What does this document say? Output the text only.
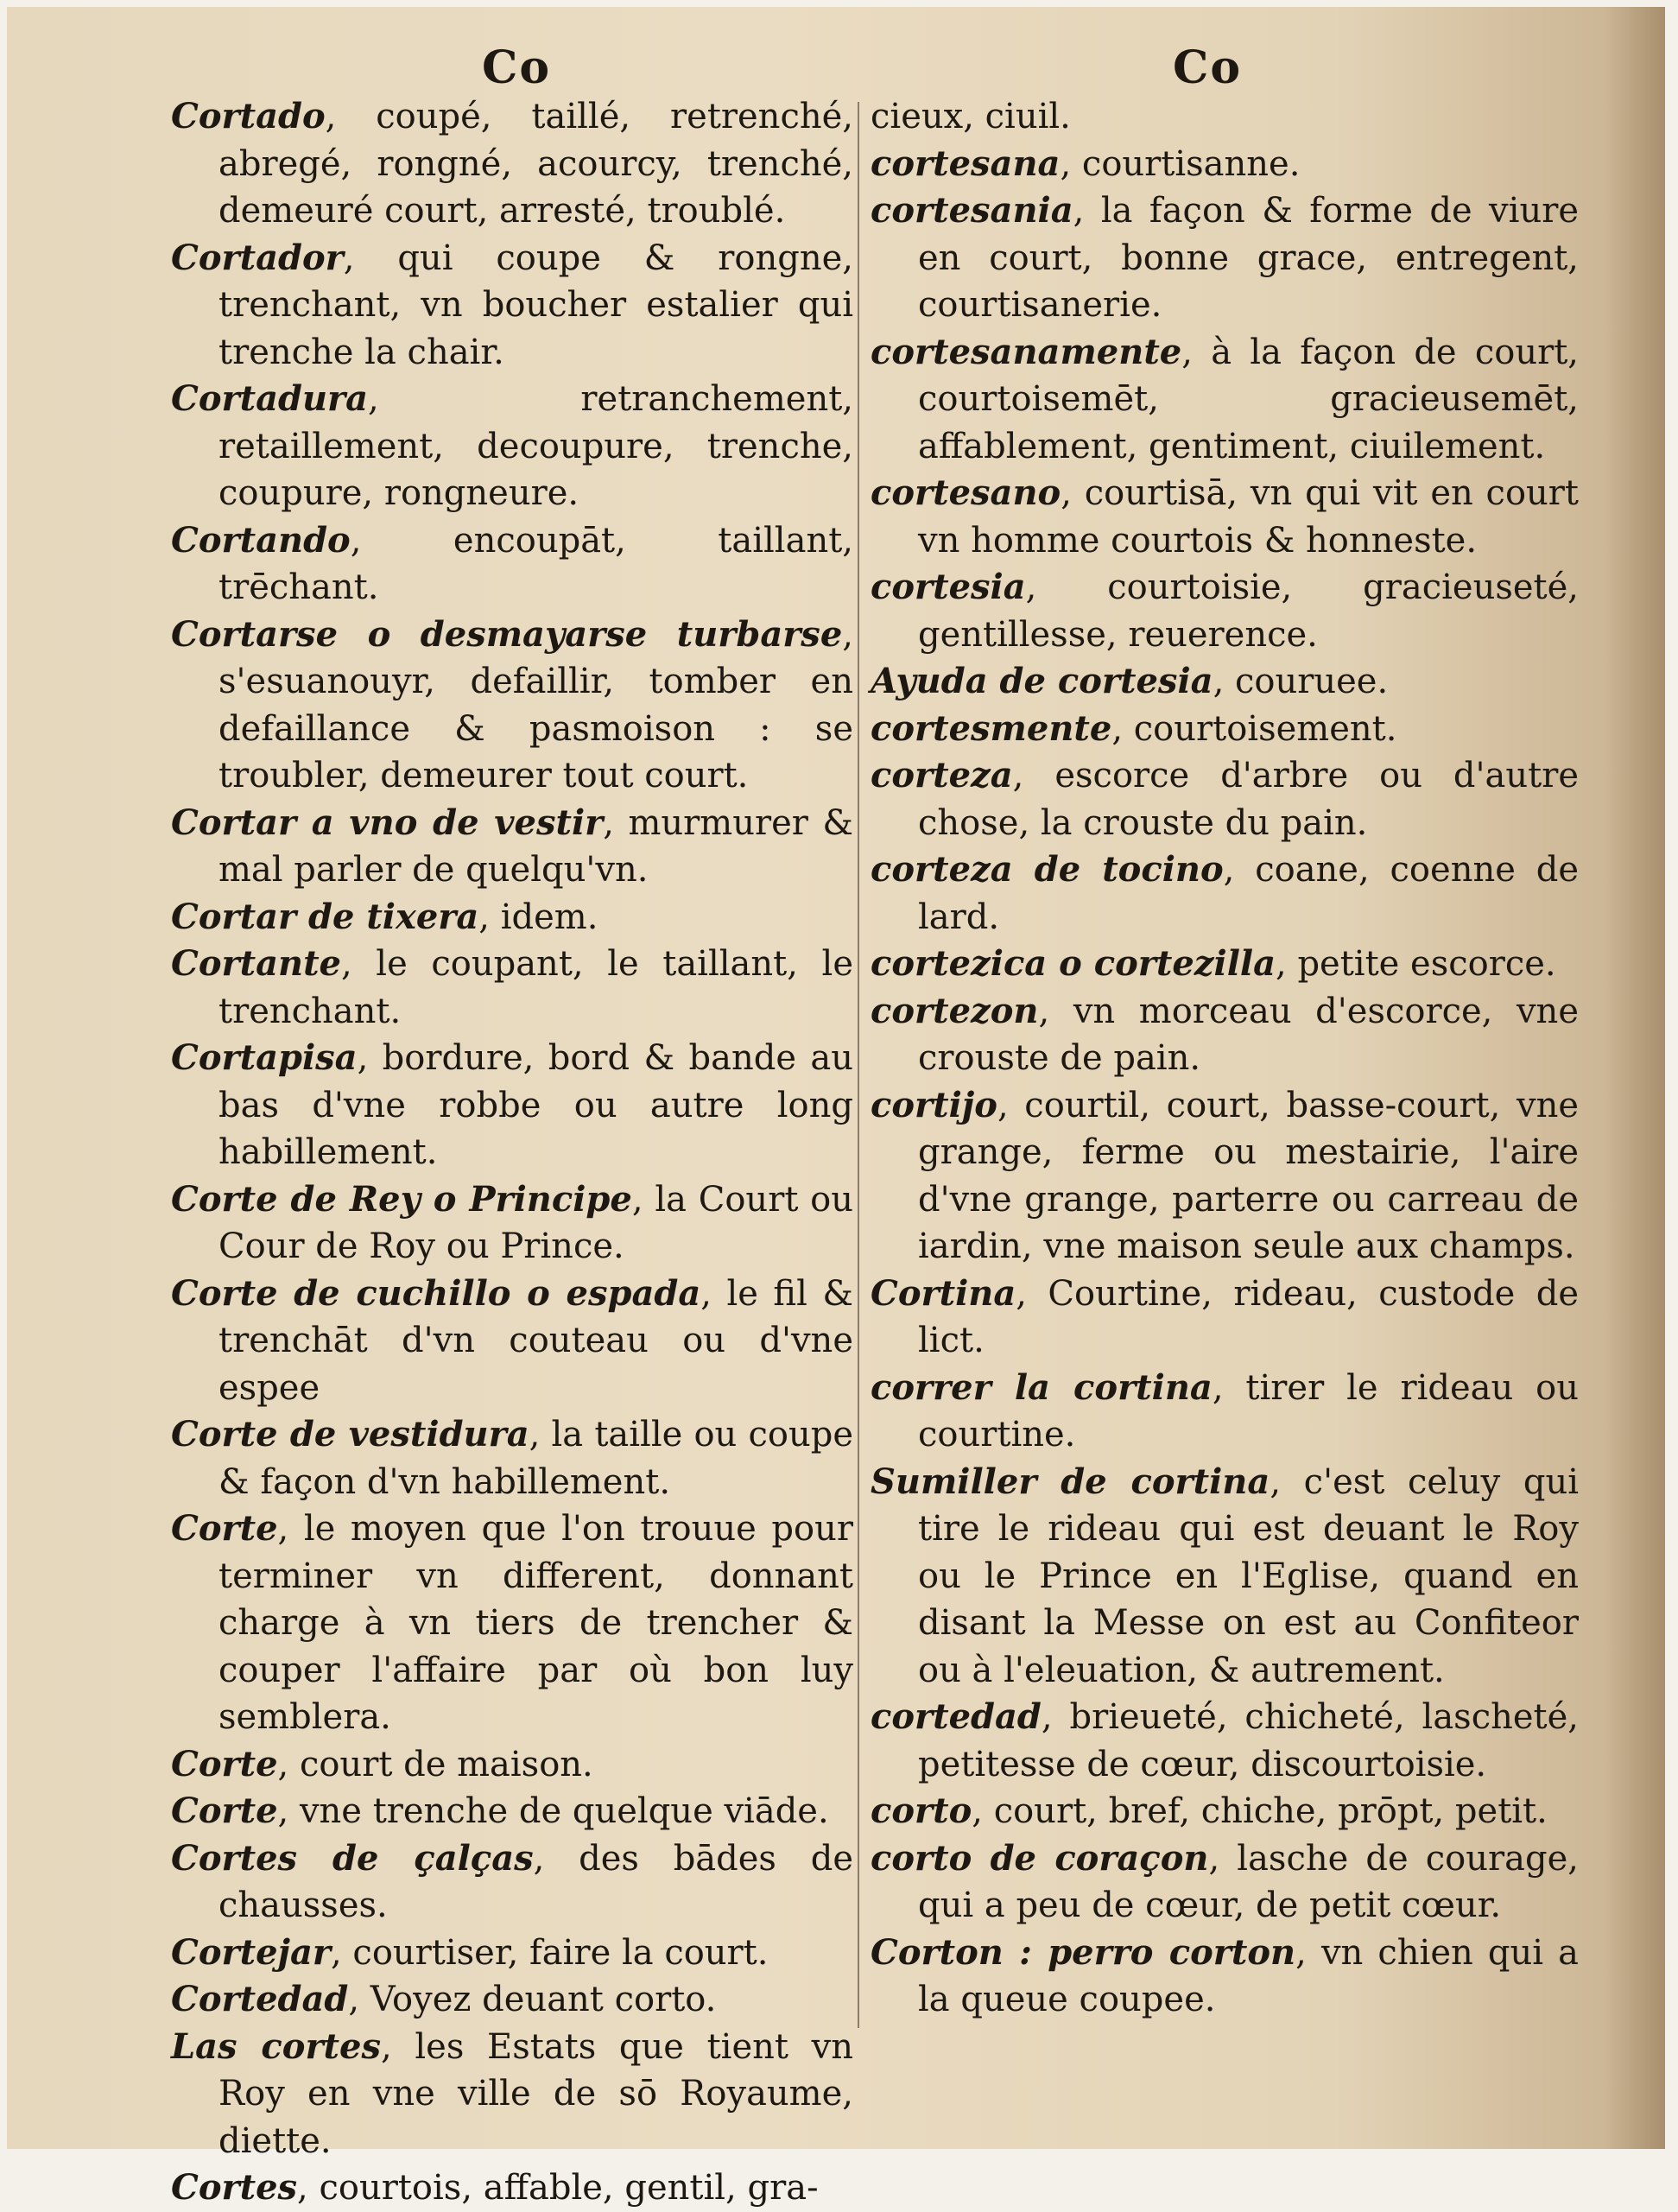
Co	Co
Cortado, coupé, taillé, retrenché, abregé, rongné, acourcy, trenché, demeuré court, arresté, troublé.
Cortador, qui coupe & rongne, trenchant, vn boucher estalier qui trenche la chair.
Cortadura, retranchement, retaillement, decoupure, trenche, coupure, rongneure.
Cortando, encoupāt, taillant, trēchant.
Cortarse o desmayarse turbarse, s'esuanouyr, defaillir, tomber en defaillance & pasmoison : se troubler, demeurer tout court.
Cortar a vno de vestir, murmurer & mal parler de quelqu'vn.
Cortar de tixera, idem.
Cortante, le coupant, le taillant, le trenchant.
Cortapisa, bordure, bord & bande au bas d'vne robbe ou autre long habillement.
Corte de Rey o Principe, la Court ou Cour de Roy ou Prince.
Corte de cuchillo o espada, le fil & trenchāt d'vn couteau ou d'vne espee
Corte de vestidura, la taille ou coupe & façon d'vn habillement.
Corte, le moyen que l'on trouue pour terminer vn different, donnant charge à vn tiers de trencher & couper l'affaire par où bon luy semblera.
Corte, court de maison.
Corte, vne trenche de quelque viāde.
Cortes de çalças, des bādes de chausses.
Cortejar, courtiser, faire la court.
Cortedad, Voyez deuant corto.
Las cortes, les Estats que tient vn Roy en vne ville de sō Royaume, diette.
Cortes, courtois, affable, gentil, gra-
cieux, ciuil.
cortesana, courtisanne.
cortesania, la façon & forme de viure en court, bonne grace, entregent, courtisanerie.
cortesanamente, à la façon de court, courtoisemēt, gracieusemēt, affablement, gentiment, ciuilement.
cortesano, courtisā, vn qui vit en court vn homme courtois & honneste.
cortesia, courtoisie, gracieuseté, gentillesse, reuerence.
Ayuda de cortesia, couruee.
cortesmente, courtoisement.
corteza, escorce d'arbre ou d'autre chose, la crouste du pain.
corteza de tocino, coane, coenne de lard.
cortezica o cortezilla, petite escorce.
cortezon, vn morceau d'escorce, vne crouste de pain.
cortijo, courtil, court, basse-court, vne grange, ferme ou mestairie, l'aire d'vne grange, parterre ou carreau de iardin, vne maison seule aux champs.
Cortina, Courtine, rideau, custode de lict.
correr la cortina, tirer le rideau ou courtine.
Sumiller de cortina, c'est celuy qui tire le rideau qui est deuant le Roy ou le Prince en l'Eglise, quand en disant la Messe on est au Confiteor ou à l'eleuation, & autrement.
cortedad, brieueté, chicheté, lascheté, petitesse de cœur, discourtoisie.
corto, court, bref, chiche, prōpt, petit.
corto de coraçon, lasche de courage, qui a peu de cœur, de petit cœur.
Corton : perro corton, vn chien qui a la queue coupee.
